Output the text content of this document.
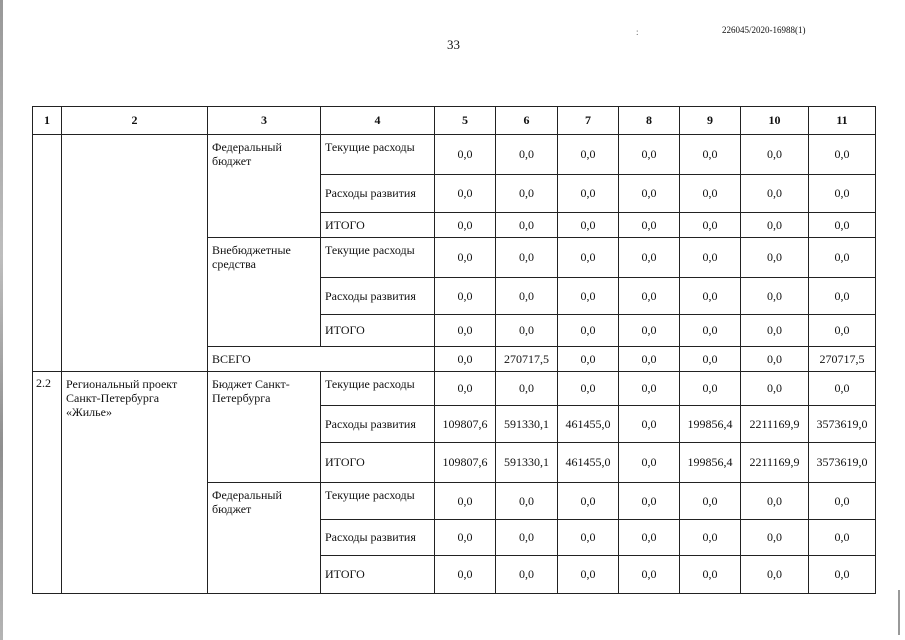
:	226045/2020-16988(1)
33
1	2	3	4	5	6	7	8	9	10	11
		Федеральный бюджет	Текущие расходы	0,0	0,0	0,0	0,0	0,0	0,0	0,0
			Расходы развития	0,0	0,0	0,0	0,0	0,0	0,0	0,0
			ИТОГО	0,0	0,0	0,0	0,0	0,0	0,0	0,0
		Внебюджетные средства	Текущие расходы	0,0	0,0	0,0	0,0	0,0	0,0	0,0
			Расходы развития	0,0	0,0	0,0	0,0	0,0	0,0	0,0
			ИТОГО	0,0	0,0	0,0	0,0	0,0	0,0	0,0
		ВСЕГО		0,0	270717,5	0,0	0,0	0,0	0,0	270717,5
2.2	Региональный проект Санкт-Петербурга «Жилье»	Бюджет Санкт-Петербурга	Текущие расходы	0,0	0,0	0,0	0,0	0,0	0,0	0,0
			Расходы развития	109807,6	591330,1	461455,0	0,0	199856,4	2211169,9	3573619,0
			ИТОГО	109807,6	591330,1	461455,0	0,0	199856,4	2211169,9	3573619,0
		Федеральный бюджет	Текущие расходы	0,0	0,0	0,0	0,0	0,0	0,0	0,0
			Расходы развития	0,0	0,0	0,0	0,0	0,0	0,0	0,0
			ИТОГО	0,0	0,0	0,0	0,0	0,0	0,0	0,0
